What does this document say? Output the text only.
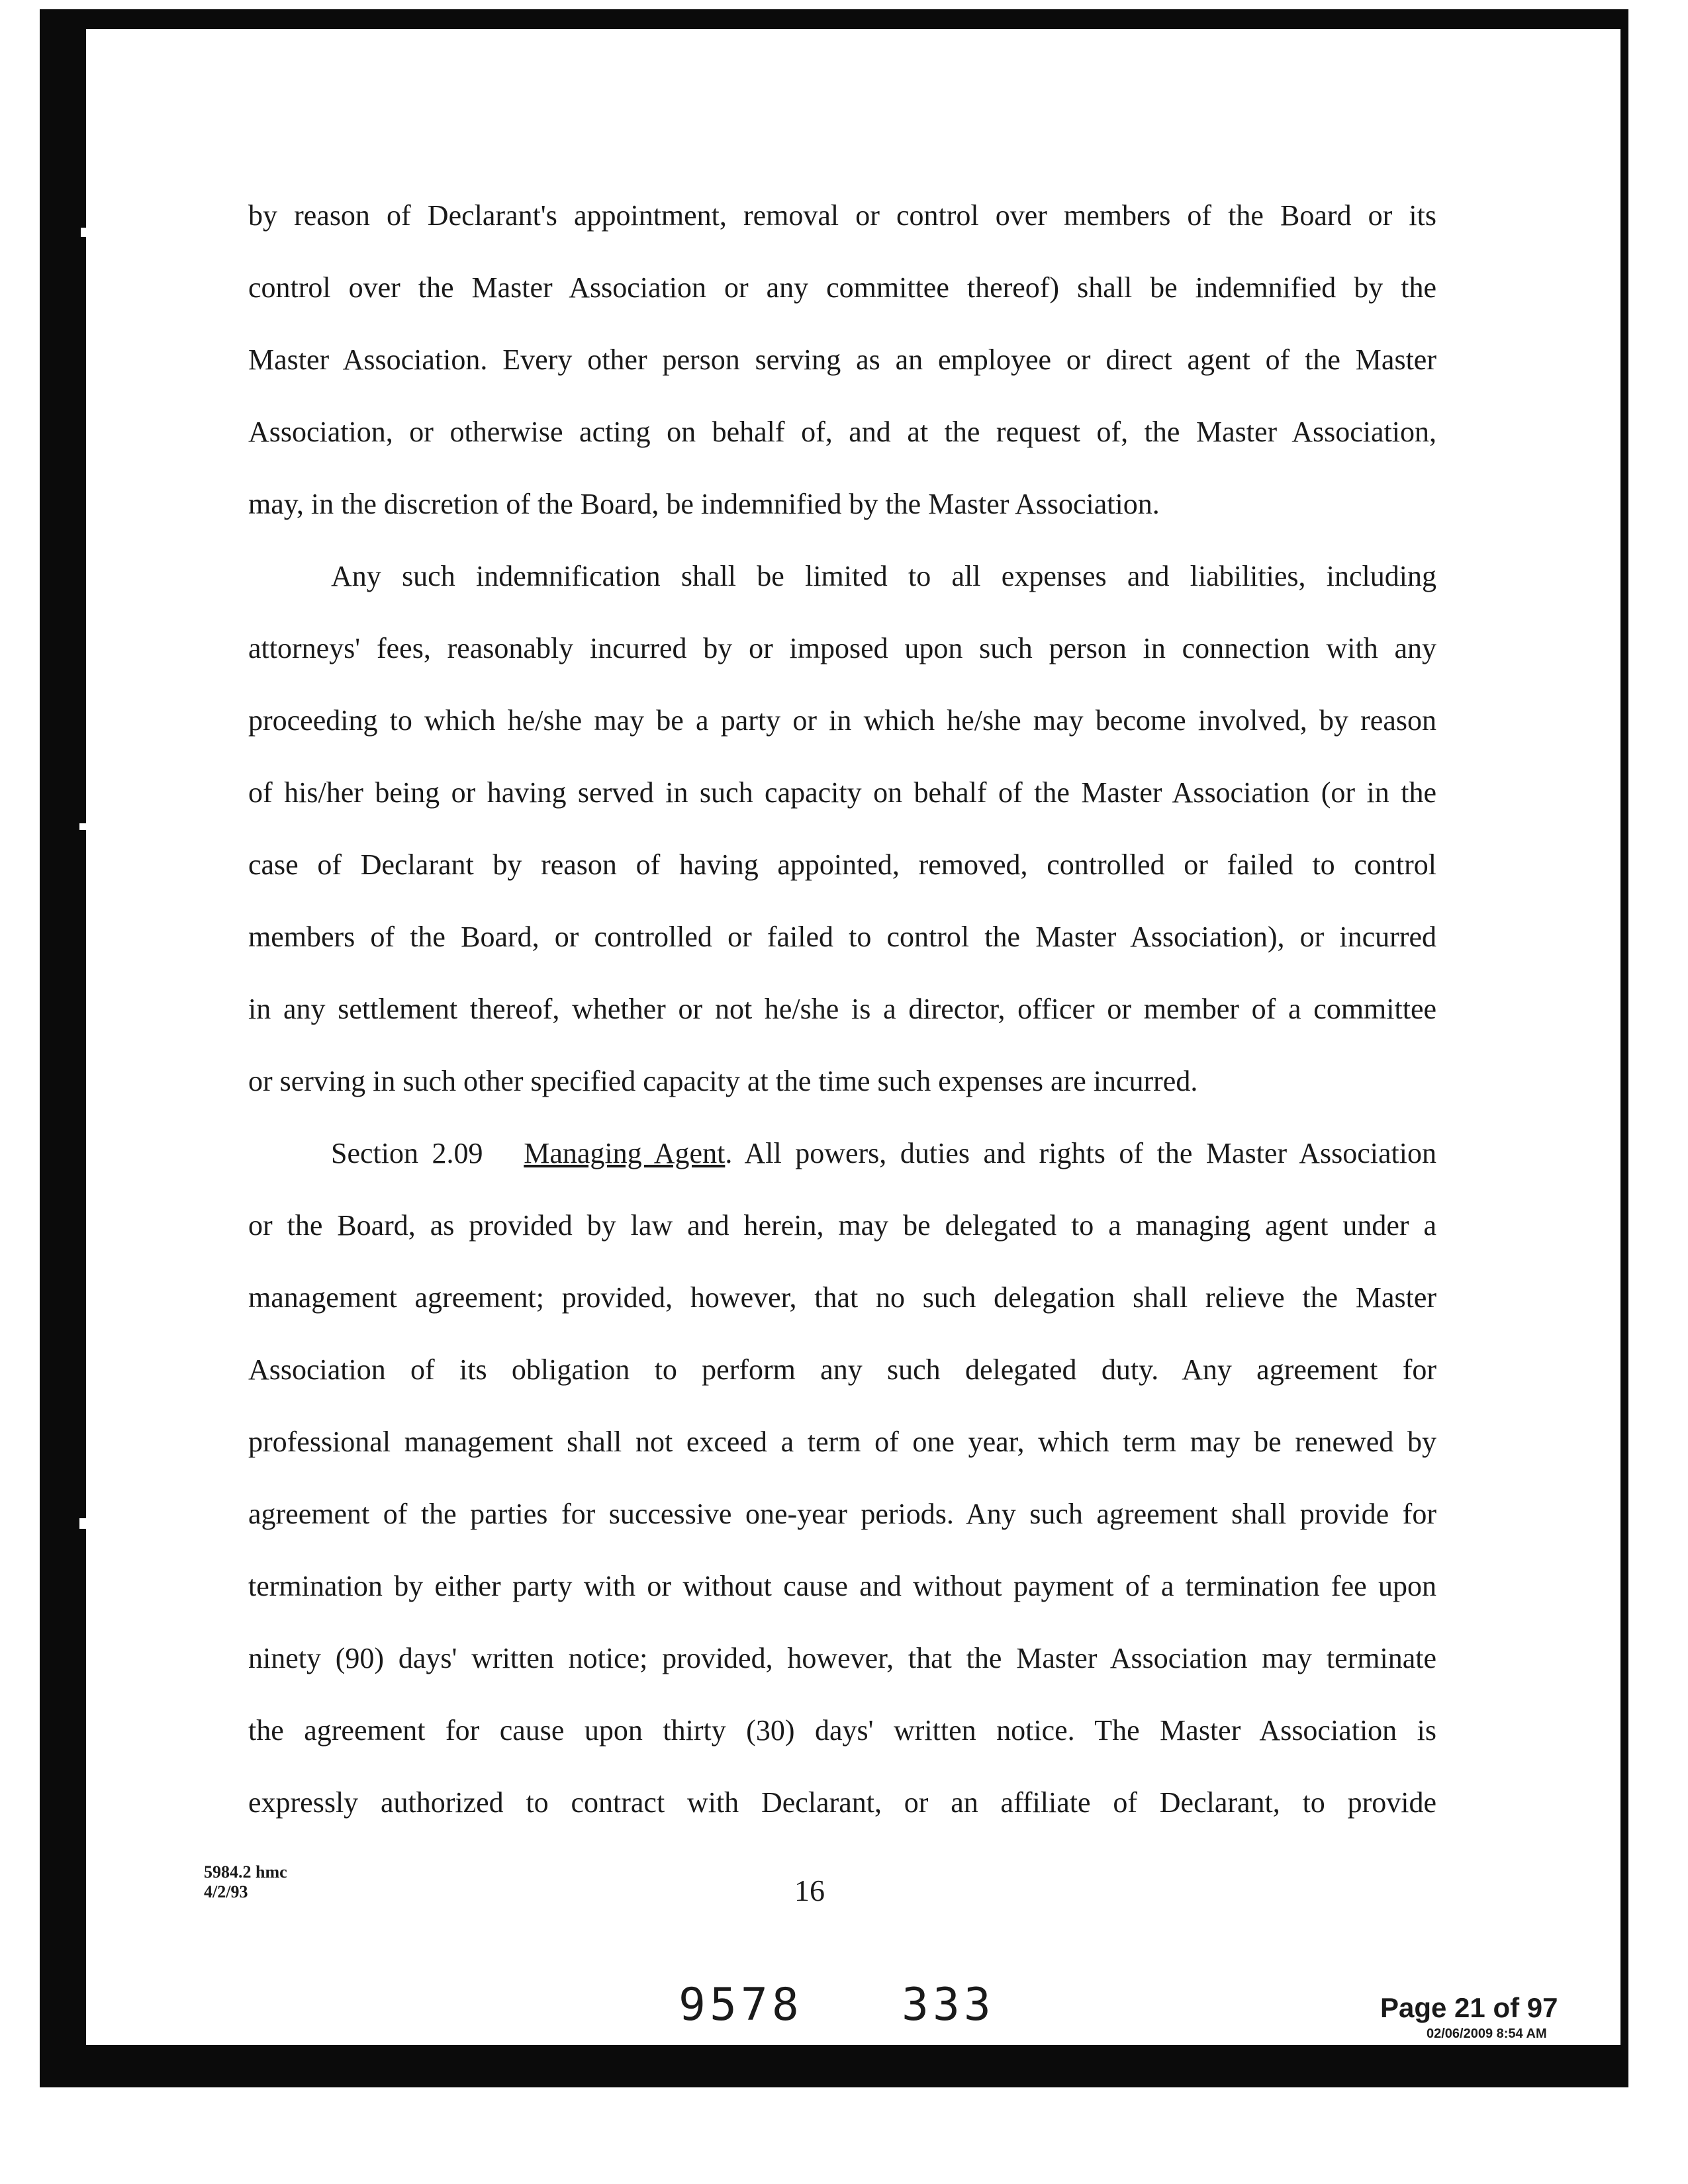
by reason of Declarant's appointment, removal or control over members of the Board or its
control over the Master Association or any committee thereof) shall be indemnified by the
Master Association. Every other person serving as an employee or direct agent of the Master
Association, or otherwise acting on behalf of, and at the request of, the Master Association,
may, in the discretion of the Board, be indemnified by the Master Association.
Any such indemnification shall be limited to all expenses and liabilities, including
attorneys' fees, reasonably incurred by or imposed upon such person in connection with any
proceeding to which he/she may be a party or in which he/she may become involved, by reason
of his/her being or having served in such capacity on behalf of the Master Association (or in the
case of Declarant by reason of having appointed, removed, controlled or failed to control
members of the Board, or controlled or failed to control the Master Association), or incurred
in any settlement thereof, whether or not he/she is a director, officer or member of a committee
or serving in such other specified capacity at the time such expenses are incurred.
Section 2.09 Managing Agent. All powers, duties and rights of the Master Association
or the Board, as provided by law and herein, may be delegated to a managing agent under a
management agreement; provided, however, that no such delegation shall relieve the Master
Association of its obligation to perform any such delegated duty. Any agreement for
professional management shall not exceed a term of one year, which term may be renewed by
agreement of the parties for successive one-year periods. Any such agreement shall provide for
termination by either party with or without cause and without payment of a termination fee upon
ninety (90) days' written notice; provided, however, that the Master Association may terminate
the agreement for cause upon thirty (30) days' written notice. The Master Association is
expressly authorized to contract with Declarant, or an affiliate of Declarant, to provide
5984.2 hmc
4/2/93	16
9578 333	Page 21 of 97
02/06/2009 8:54 AM
